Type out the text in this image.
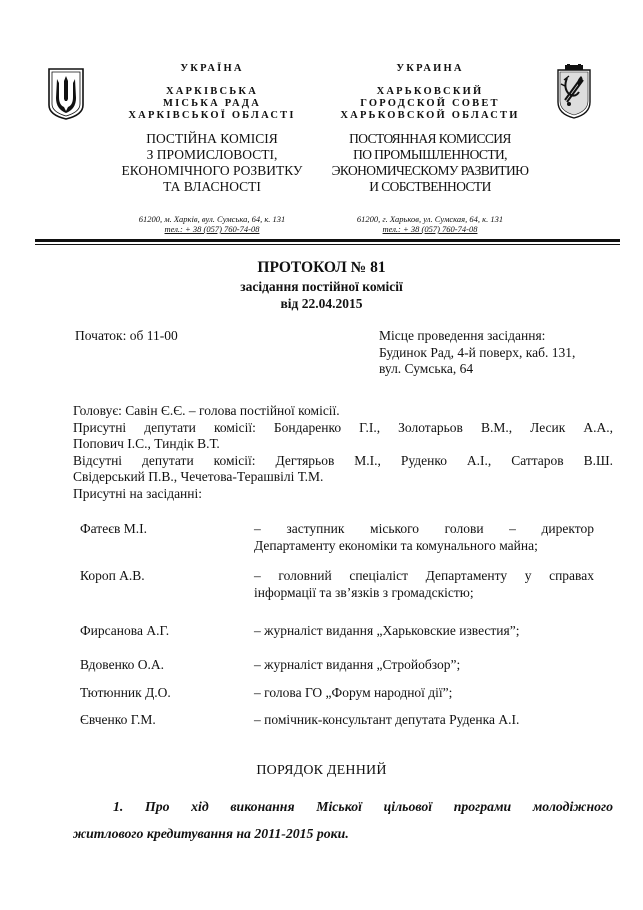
УКРАЇНА
ХАРКІВСЬКА
МІСЬКА РАДА
ХАРКІВСЬКОЇ ОБЛАСТІ
ПОСТІЙНА КОМІСІЯ
З ПРОМИСЛОВОСТІ,
ЕКОНОМІЧНОГО РОЗВИТКУ
ТА ВЛАСНОСТІ
61200, м. Харків, вул. Сумська, 64, к. 131
тел.: + 38 (057) 760-74-08
УКРАИНА
ХАРЬКОВСКИЙ
ГОРОДСКОЙ СОВЕТ
ХАРЬКОВСКОЙ ОБЛАСТИ
ПОСТОЯННАЯ КОМИССИЯ
ПО ПРОМЫШЛЕННОСТИ,
ЭКОНОМИЧЕСКОМУ РАЗВИТИЮ
И СОБСТВЕННОСТИ
61200, г. Харьков, ул. Сумская, 64, к. 131
тел.: + 38 (057) 760-74-08
ПРОТОКОЛ № 81
засідання постійної комісії
від 22.04.2015
Початок: об 11-00	Місце проведення засідання:
Будинок Рад, 4-й поверх, каб. 131,
вул. Сумська, 64
Головує: Савін Є.Є. – голова постійної комісії.
Присутні депутати комісії: Бондаренко Г.І., Золотарьов В.М., Лесик А.А.,
Попович І.С., Тиндік В.Т.
Відсутні депутати комісії: Дегтярьов М.І., Руденко А.І., Саттаров В.Ш.
Свідерський П.В., Чечетова-Терашвілі Т.М.
Присутні на засіданні:
Фатеєв М.І.	– заступник міського голови – директор
Департаменту економіки та комунального майна;
Короп А.В.	– головний спеціаліст Департаменту у справах
інформації та зв’язків з громадскістю;
Фирсанова А.Г.	– журналіст видання „Харьковские известия”;
Вдовенко О.А.	– журналіст видання „Стройобзор”;
Тютюнник Д.О.	– голова ГО „Форум народної дії”;
Євченко Г.М.	– помічник-консультант депутата Руденка А.І.
ПОРЯДОК ДЕННИЙ
1. Про хід виконання Міської цільової програми молодіжного
житлового кредитування на 2011-2015 роки.
